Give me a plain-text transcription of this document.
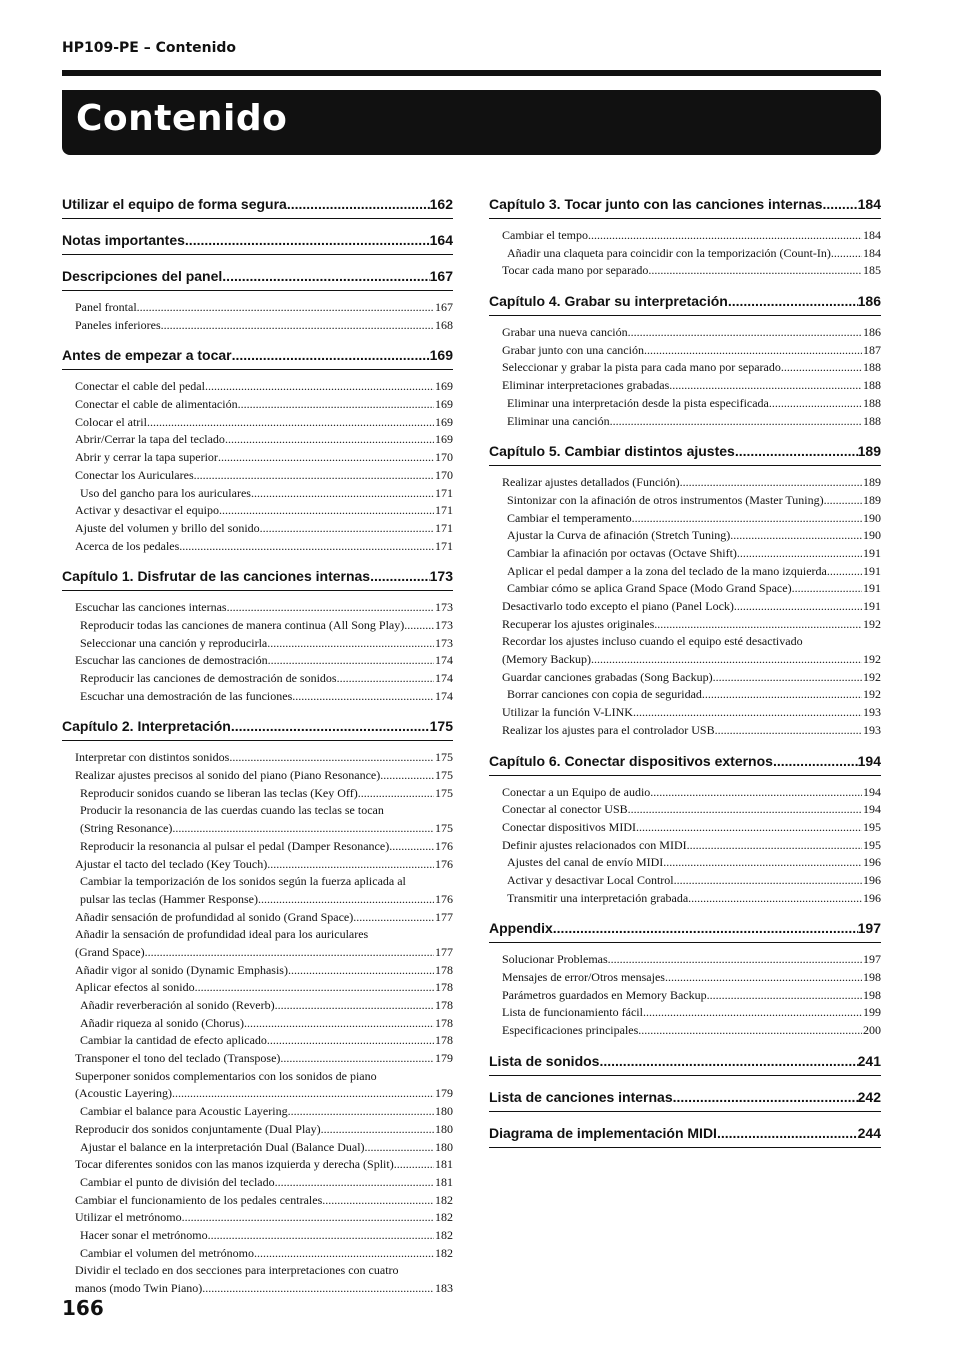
HP109-PE – Contenido
Contenido
Utilizar el equipo de forma segura .....	162
Notas importantes .....	164
Descripciones del panel .....	167
Panel frontal .....	167
Paneles inferiores .....	168
Antes de empezar a tocar .....	169
Conectar el cable del pedal .....	169
Conectar el cable de alimentación .....	169
Colocar el atril .....	169
Abrir/Cerrar la tapa del teclado .....	169
Abrir y cerrar la tapa superior .....	170
Conectar los Auriculares .....	170
Uso del gancho para los auriculares .....	171
Activar y desactivar el equipo .....	171
Ajuste del volumen y brillo del sonido .....	171
Acerca de los pedales .....	171
Capítulo 1. Disfrutar de las canciones internas .....	173
Escuchar las canciones internas .....	173
Reproducir todas las canciones de manera continua (All Song Play) .....	173
Seleccionar una canción y reproducirla .....	173
Escuchar las canciones de demostración .....	174
Reproducir las canciones de demostración de sonidos .....	174
Escuchar una demostración de las funciones .....	174
Capítulo 2. Interpretación .....	175
Interpretar con distintos sonidos .....	175
Realizar ajustes precisos al sonido del piano (Piano Resonance) .....	175
Reproducir sonidos cuando se liberan las teclas (Key Off) .....	175
Producir la resonancia de las cuerdas cuando las teclas se tocan
(String Resonance) .....	175
Reproducir la resonancia al pulsar el pedal (Damper Resonance) .....	176
Ajustar el tacto del teclado (Key Touch) .....	176
Cambiar la temporización de los sonidos según la fuerza aplicada al
pulsar las teclas (Hammer Response) .....	176
Añadir sensación de profundidad al sonido (Grand Space) .....	177
Añadir la sensación de profundidad ideal para los auriculares
(Grand Space) .....	177
Añadir vigor al sonido (Dynamic Emphasis) .....	178
Aplicar efectos al sonido .....	178
Añadir reverberación al sonido (Reverb) .....	178
Añadir riqueza al sonido (Chorus) .....	178
Cambiar la cantidad de efecto aplicado .....	178
Transponer el tono del teclado (Transpose) .....	179
Superponer sonidos complementarios con los sonidos de piano
(Acoustic Layering) .....	179
Cambiar el balance para Acoustic Layering .....	180
Reproducir dos sonidos conjuntamente (Dual Play) .....	180
Ajustar el balance en la interpretación Dual (Balance Dual) .....	180
Tocar diferentes sonidos con las manos izquierda y derecha (Split) .....	181
Cambiar el punto de división del teclado .....	181
Cambiar el funcionamiento de los pedales centrales .....	182
Utilizar el metrónomo .....	182
Hacer sonar el metrónomo .....	182
Cambiar el volumen del metrónomo .....	182
Dividir el teclado en dos secciones para interpretaciones con cuatro
manos (modo Twin Piano) .....	183
Capítulo 3. Tocar junto con las canciones internas .....	184
Cambiar el tempo .....	184
Añadir una claqueta para coincidir con la temporización (Count-In) .....	184
Tocar cada mano por separado .....	185
Capítulo 4. Grabar su interpretación .....	186
Grabar una nueva canción .....	186
Grabar junto con una canción .....	187
Seleccionar y grabar la pista para cada mano por separado .....	188
Eliminar interpretaciones grabadas .....	188
Eliminar una interpretación desde la pista especificada .....	188
Eliminar una canción .....	188
Capítulo 5. Cambiar distintos ajustes .....	189
Realizar ajustes detallados (Función) .....	189
Sintonizar con la afinación de otros instrumentos (Master Tuning) .....	189
Cambiar el temperamento .....	190
Ajustar la Curva de afinación (Stretch Tuning) .....	190
Cambiar la afinación por octavas (Octave Shift) .....	191
Aplicar el pedal damper a la zona del teclado de la mano izquierda .....	191
Cambiar cómo se aplica Grand Space (Modo Grand Space) .....	191
Desactivarlo todo excepto el piano (Panel Lock) .....	191
Recuperar los ajustes originales .....	192
Recordar los ajustes incluso cuando el equipo esté desactivado
(Memory Backup) .....	192
Guardar canciones grabadas (Song Backup) .....	192
Borrar canciones con copia de seguridad .....	192
Utilizar la función V-LINK .....	193
Realizar los ajustes para el controlador USB .....	193
Capítulo 6. Conectar dispositivos externos .....	194
Conectar a un Equipo de audio .....	194
Conectar al conector USB .....	194
Conectar dispositivos MIDI .....	195
Definir ajustes relacionados con MIDI .....	195
Ajustes del canal de envío MIDI .....	196
Activar y desactivar Local Control .....	196
Transmitir una interpretación grabada .....	196
Appendix .....	197
Solucionar Problemas .....	197
Mensajes de error/Otros mensajes .....	198
Parámetros guardados en Memory Backup .....	198
Lista de funcionamiento fácil .....	199
Especificaciones principales .....	200
Lista de sonidos .....	241
Lista de canciones internas. .....	242
Diagrama de implementación MIDI .....	244
166
